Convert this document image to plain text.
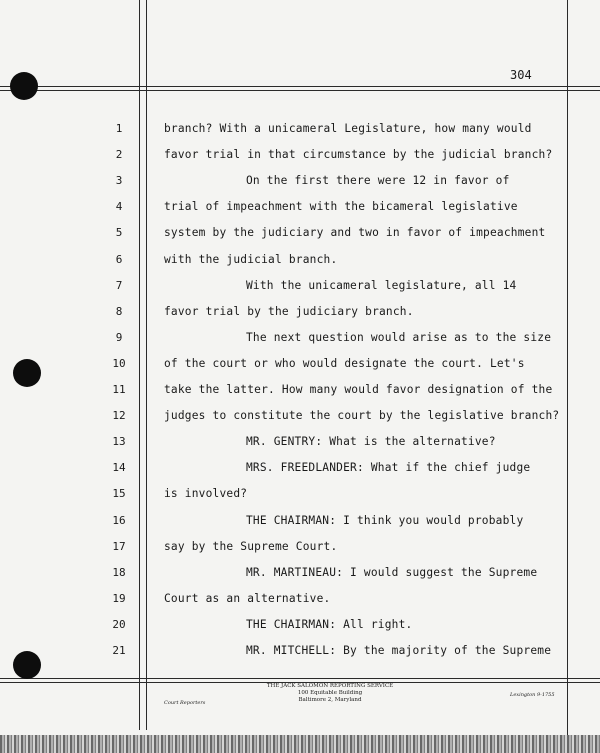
304
1	branch? With a unicameral Legislature, how many would
2	favor trial in that circumstance by the judicial branch?
3	On the first there were 12 in favor of
4	trial of impeachment with the bicameral legislative
5	system by the judiciary and two in favor of impeachment
6	with the judicial branch.
7	With the unicameral legislature, all 14
8	favor trial by the judiciary branch.
9	The next question would arise as to the size
10	of the court or who would designate the court. Let's
11	take the latter. How many would favor designation of the
12	judges to constitute the court by the legislative branch?
13	MR. GENTRY: What is the alternative?
14	MRS. FREEDLANDER: What if the chief judge
15	is involved?
16	THE CHAIRMAN: I think you would probably
17	say by the Supreme Court.
18	MR. MARTINEAU: I would suggest the Supreme
19	Court as an alternative.
20	THE CHAIRMAN: All right.
21	MR. MITCHELL: By the majority of the Supreme
THE JACK SALOMON REPORTING SERVICE
100 Equitable Building
Baltimore 2, Maryland
Court Reporters
Lexington 9-1755
